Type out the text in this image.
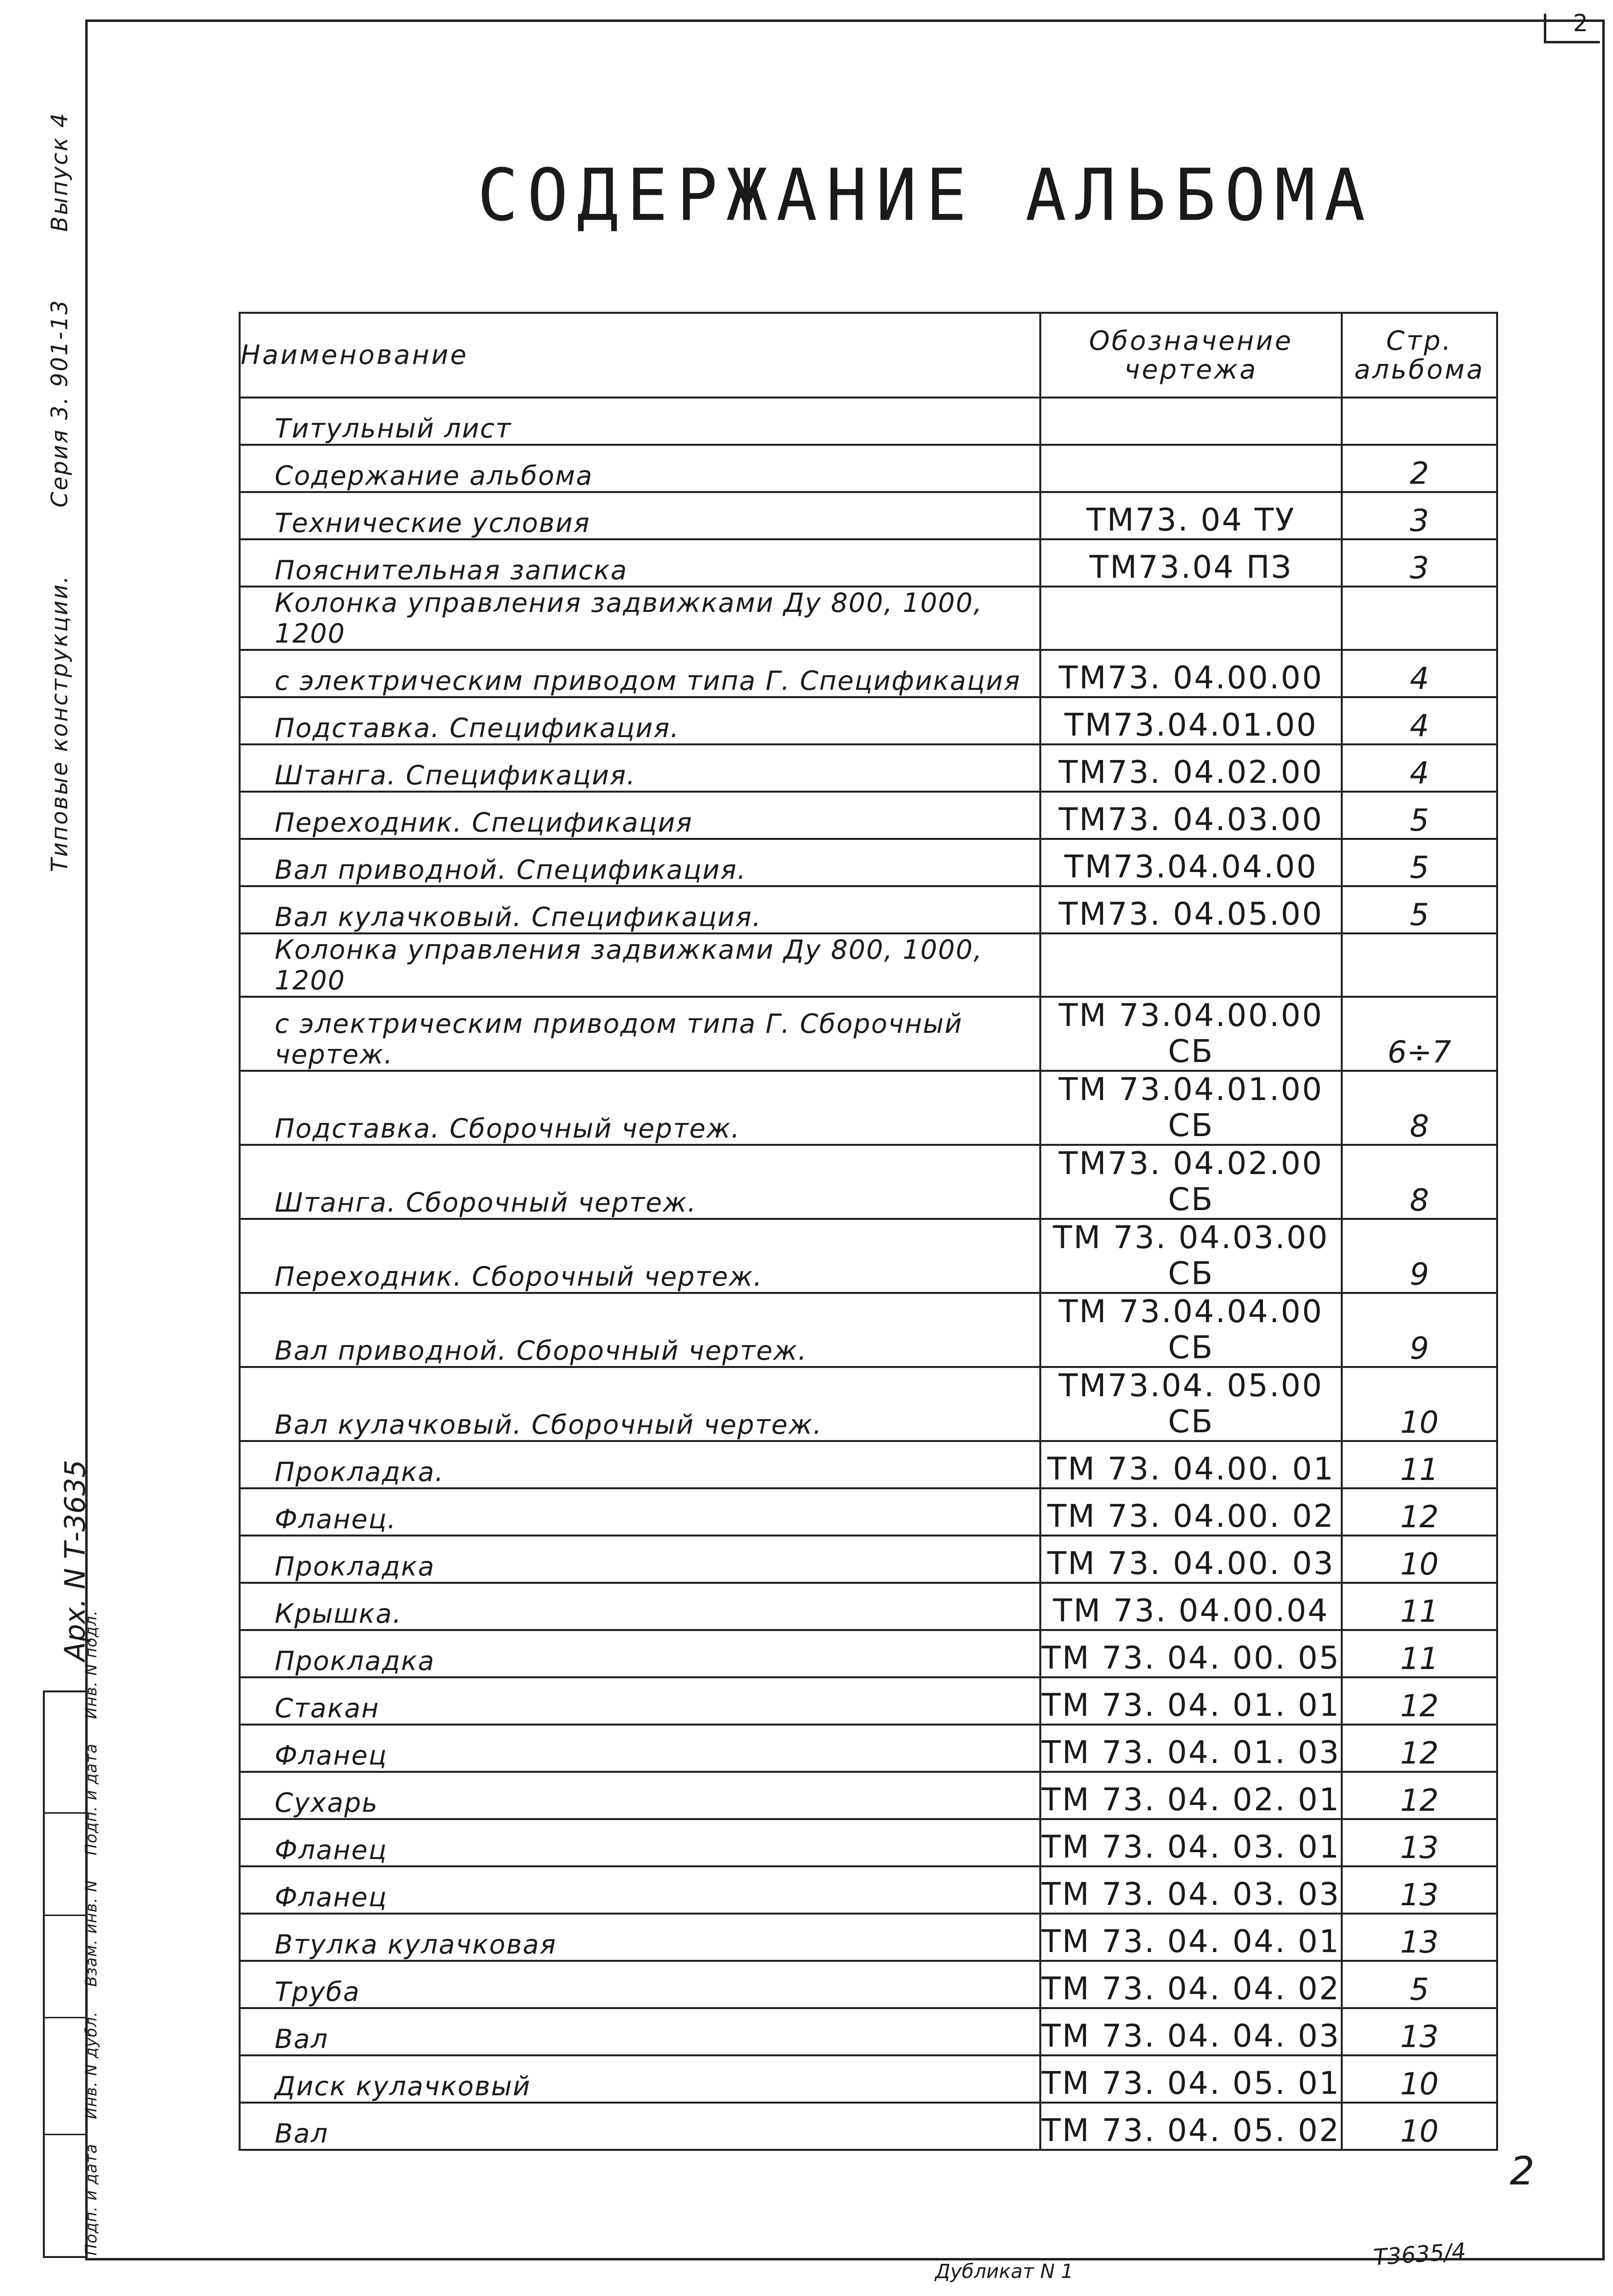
2
СОДЕРЖАНИЕ АЛЬБОМА
Наименование	Обозначение чертежа	Стр. альбома
Титульный лист		
Содержание альбома		2
Технические условия	ТМ73. 04 ТУ	3
Пояснительная записка	ТМ73.04 ПЗ	3
Колонка управления задвижками Ду 800, 1000, 1200		
с электрическим приводом типа Г. Спецификация	ТМ73. 04.00.00	4
Подставка. Спецификация.	ТМ73.04.01.00	4
Штанга. Спецификация.	ТМ73. 04.02.00	4
Переходник. Спецификация	ТМ73. 04.03.00	5
Вал приводной. Спецификация.	ТМ73.04.04.00	5
Вал кулачковый. Спецификация.	ТМ73. 04.05.00	5
Колонка управления задвижками Ду 800, 1000, 1200		
с электрическим приводом типа Г. Сборочный чертеж.	ТМ 73.04.00.00 СБ	6÷7
Подставка. Сборочный чертеж.	ТМ 73.04.01.00 СБ	8
Штанга. Сборочный чертеж.	ТМ73. 04.02.00 СБ	8
Переходник. Сборочный чертеж.	ТМ 73. 04.03.00 СБ	9
Вал приводной. Сборочный чертеж.	ТМ 73.04.04.00 СБ	9
Вал кулачковый. Сборочный чертеж.	ТМ73.04. 05.00 СБ	10
Прокладка.	ТМ 73. 04.00. 01	11
Фланец.	ТМ 73. 04.00. 02	12
Прокладка	ТМ 73. 04.00. 03	10
Крышка.	ТМ 73. 04.00.04	11
Прокладка	ТМ 73. 04. 00. 05	11
Стакан	ТМ 73. 04. 01. 01	12
Фланец	ТМ 73. 04. 01. 03	12
Сухарь	ТМ 73. 04. 02. 01	12
Фланец	ТМ 73. 04. 03. 01	13
Фланец	ТМ 73. 04. 03. 03	13
Втулка кулачковая	ТМ 73. 04. 04. 01	13
Труба	ТМ 73. 04. 04. 02	5
Вал	ТМ 73. 04. 04. 03	13
Диск кулачковый	ТМ 73. 04. 05. 01	10
Вал	ТМ 73. 04. 05. 02	10
Типовые конструкции. Серия 3. 901-13 Выпуск 4
Арх. N Т-3635
Подп. и датаИнв. N дубл.Взам. инв. NПодп. и датаИнв. N подл.
2
Т3635/4
Дубликат N 1
